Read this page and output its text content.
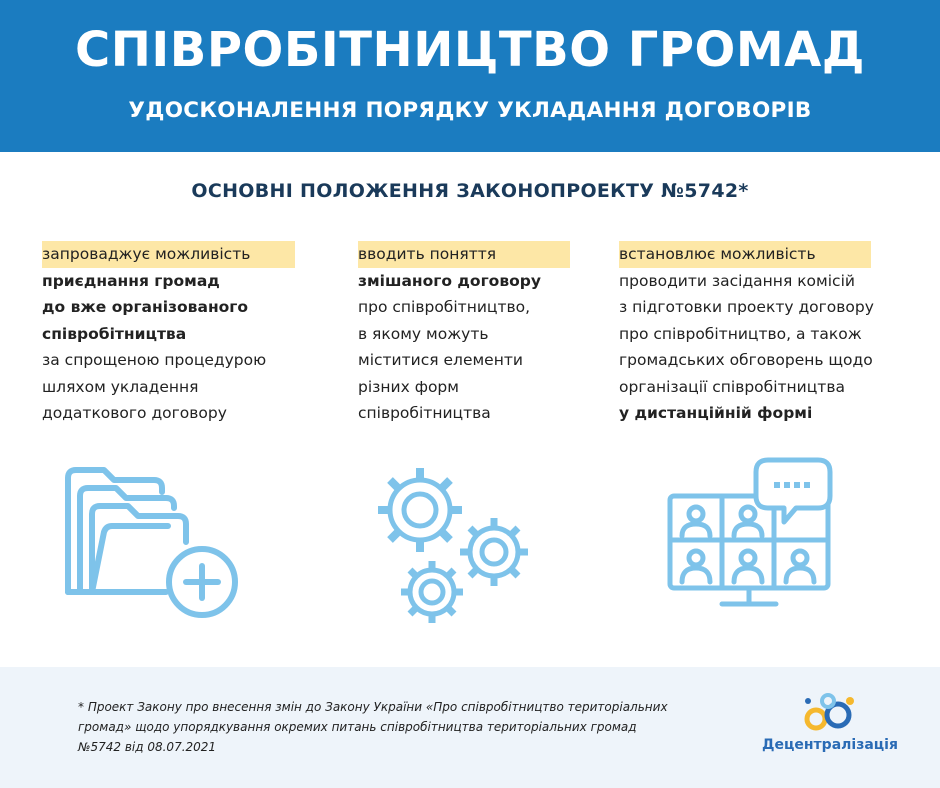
СПІВРОБІТНИЦТВО ГРОМАД
УДОСКОНАЛЕННЯ ПОРЯДКУ УКЛАДАННЯ ДОГОВОРІВ
ОСНОВНІ ПОЛОЖЕННЯ ЗАКОНОПРОЕКТУ №5742*
запроваджує можливість
приєднання громад
до вже організованого
співробітництва
за спрощеною процедурою
шляхом укладення
додаткового договору
вводить поняття
змішаного договору
про співробітництво,
в якому можуть
міститися елементи
різних форм
співробітництва
встановлює можливість
проводити засідання комісій
з підготовки проекту договору
про співробітництво, а також
громадських обговорень щодо
організації співробітництва
у дистанційній формі
* Проект Закону про внесення змін до Закону України «Про співробітництво територіальних
громад» щодо упорядкування окремих питань співробітництва територіальних громад
№5742 від 08.07.2021	Децентралізація
